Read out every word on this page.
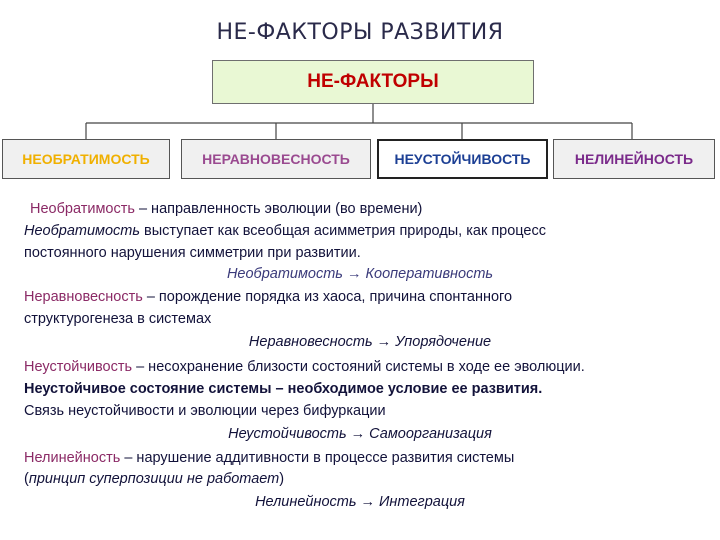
НЕ-ФАКТОРЫ РАЗВИТИЯ
НЕ-ФАКТОРЫ
НЕОБРАТИМОСТЬ	НЕРАВНОВЕСНОСТЬ	НЕУСТОЙЧИВОСТЬ	НЕЛИНЕЙНОСТЬ
Необратимость – направленность эволюции (во времени)
Необратимость выступает как всеобщая асимметрия природы, как процесс
постоянного нарушения симметрии при развитии.
Необратимость → Кооперативность
Неравновесность – порождение порядка из хаоса, причина спонтанного
структурогенеза в системах
Неравновесность → Упорядочение
Неустойчивость – несохранение близости состояний системы в ходе ее эволюции.
Неустойчивое состояние системы – необходимое условие ее развития.
Связь неустойчивости и эволюции через бифуркации
Неустойчивость → Самоорганизация
Нелинейность – нарушение аддитивности в процессе развития системы
(принцип суперпозиции не работает)
Нелинейность → Интеграция
